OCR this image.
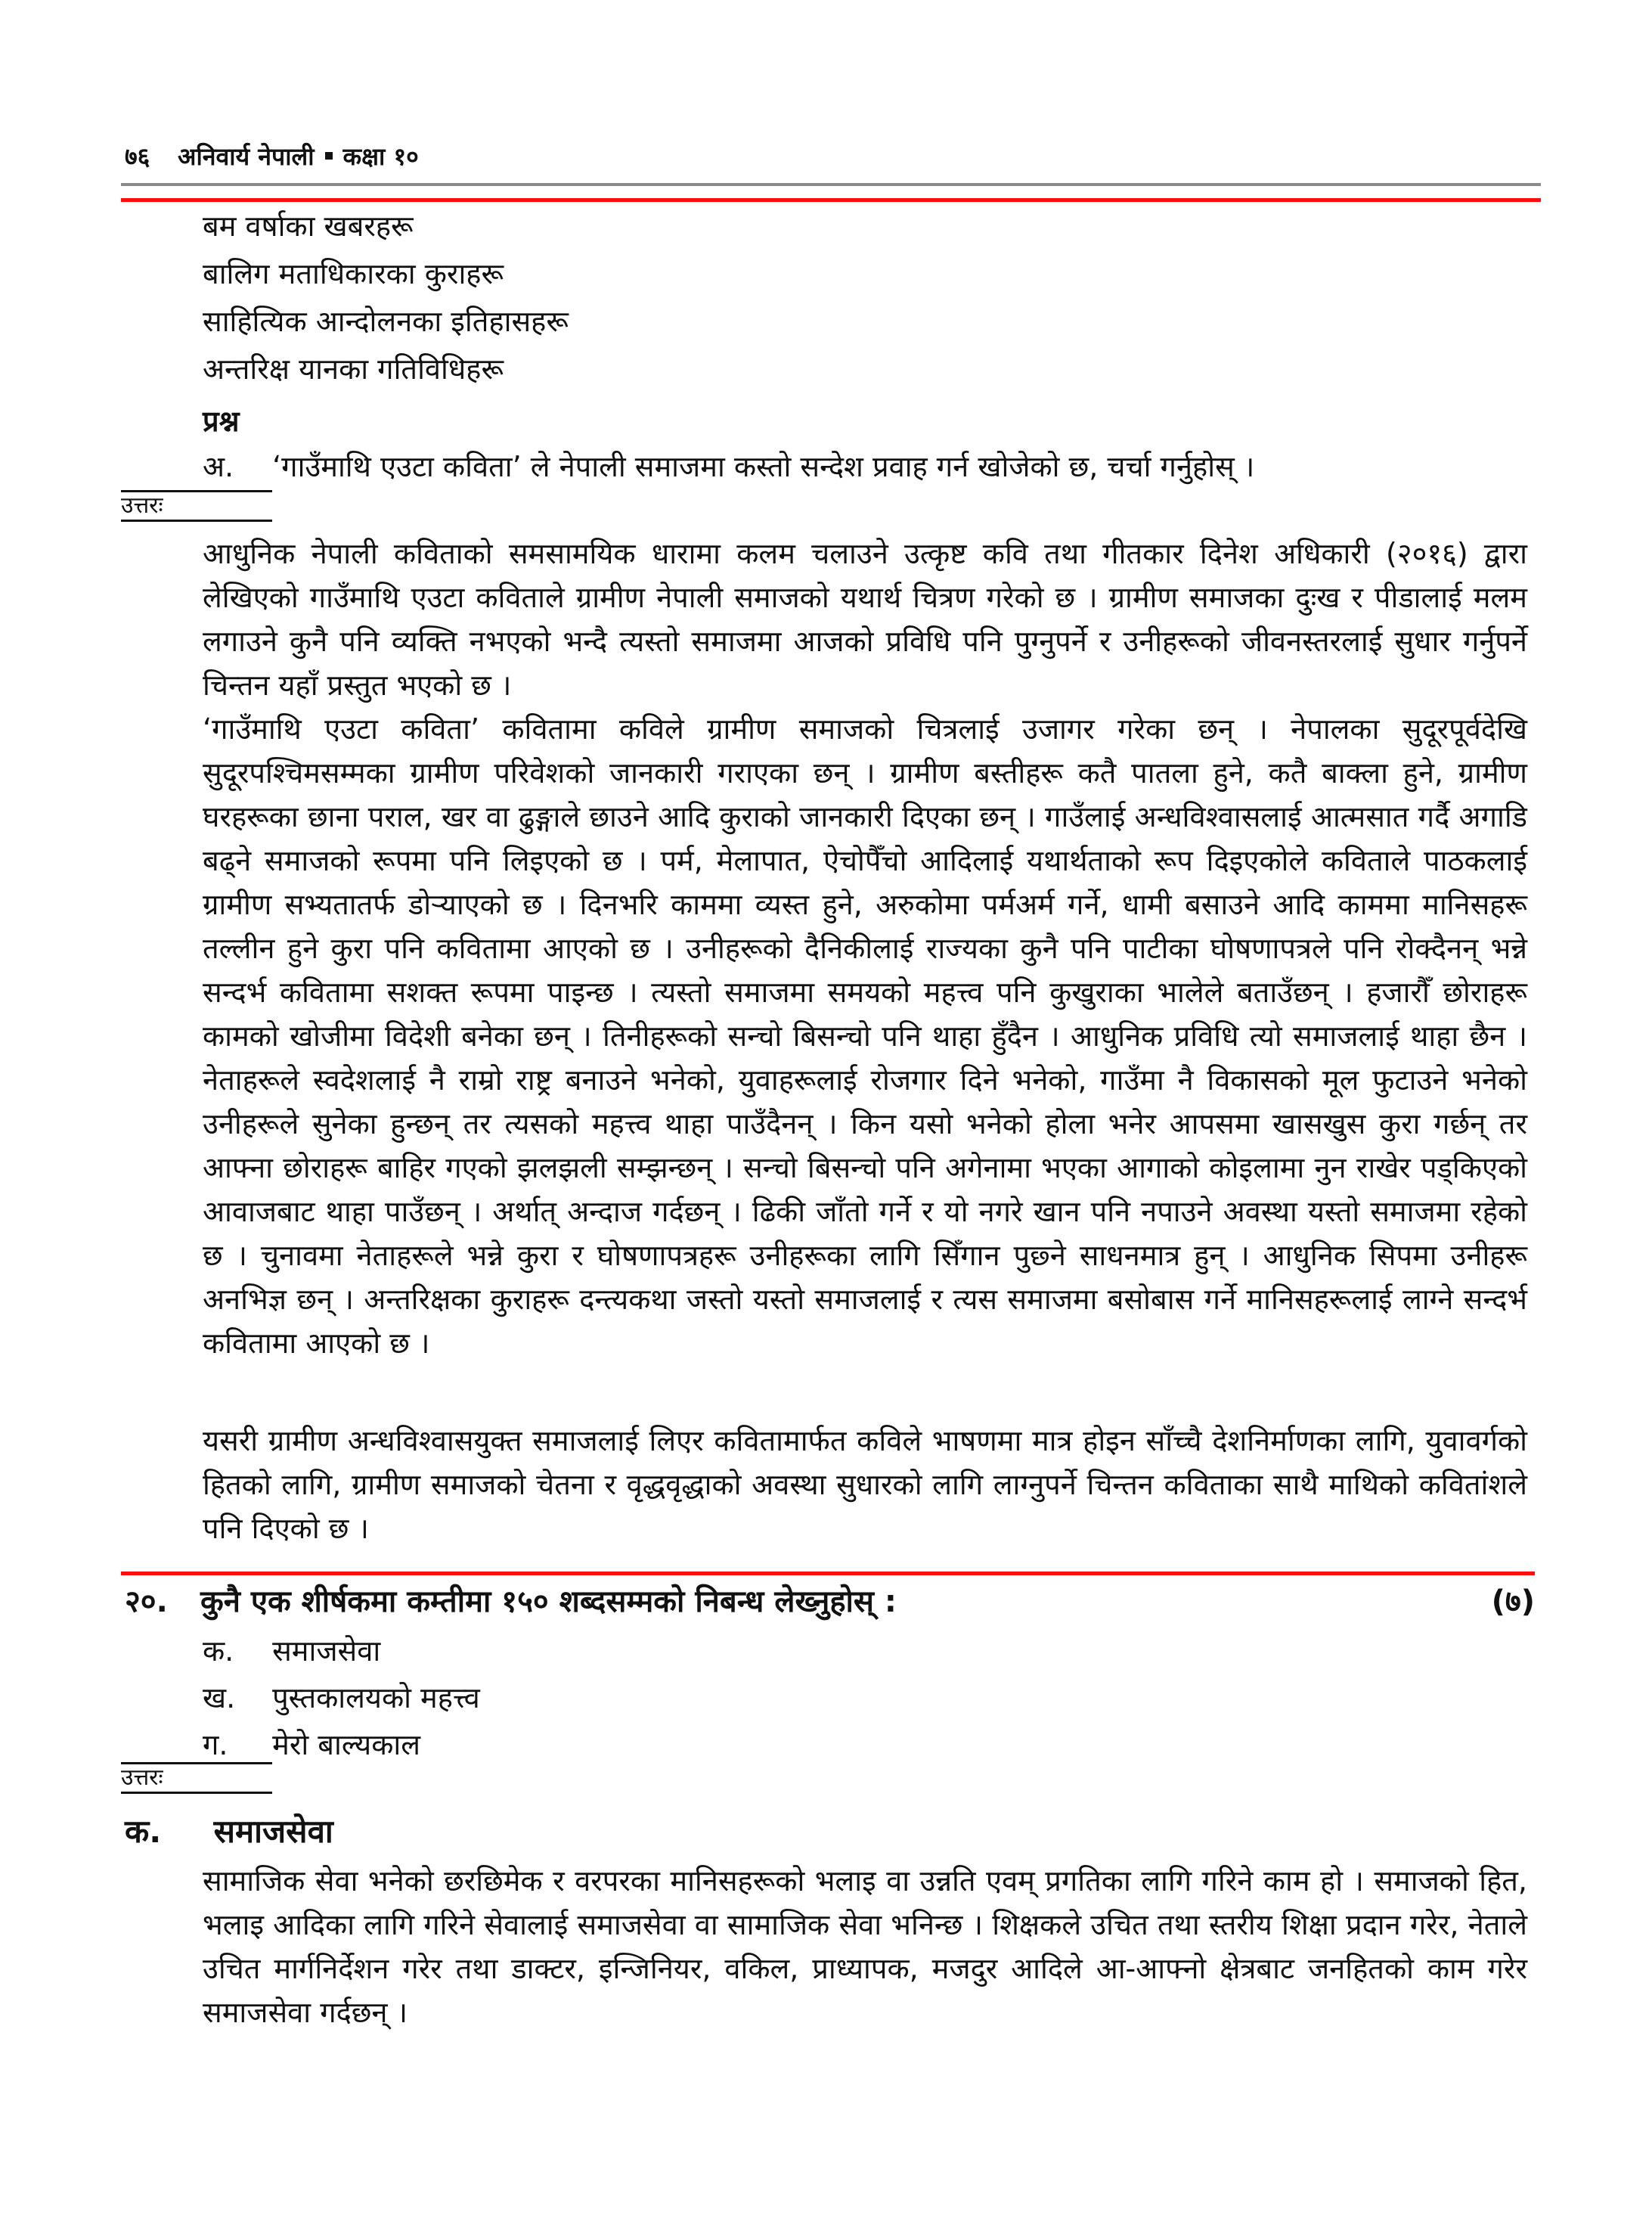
७६	अनिवार्य नेपाली कक्षा १०
बम वर्षाका खबरहरू
बालिग मताधिकारका कुराहरू
साहित्यिक आन्दोलनका इतिहासहरू
अन्तरिक्ष यानका गतिविधिहरू
प्रश्न
अ. ‘गाउँमाथि एउटा कविता’ ले नेपाली समाजमा कस्तो सन्देश प्रवाह गर्न खोजेको छ, चर्चा गर्नुहोस् ।
उत्तरः
आधुनिक नेपाली कविताको समसामयिक धारामा कलम चलाउने उत्कृष्ट कवि तथा गीतकार दिनेश अधिकारी (२०१६) द्वारा लेखिएको गाउँमाथि एउटा कविताले ग्रामीण नेपाली समाजको यथार्थ चित्रण गरेको छ । ग्रामीण समाजका दुःख र पीडालाई मलम लगाउने कुनै पनि व्यक्ति नभएको भन्दै त्यस्तो समाजमा आजको प्रविधि पनि पुग्नुपर्ने र उनीहरूको जीवनस्तरलाई सुधार गर्नुपर्ने चिन्तन यहाँ प्रस्तुत भएको छ ।
‘गाउँमाथि एउटा कविता’ कवितामा कविले ग्रामीण समाजको चित्रलाई उजागर गरेका छन् । नेपालका सुदूरपूर्वदेखि सुदूरपश्चिमसम्मका ग्रामीण परिवेशको जानकारी गराएका छन् । ग्रामीण बस्तीहरू कतै पातला हुने, कतै बाक्ला हुने, ग्रामीण घरहरूका छाना पराल, खर वा ढुङ्गाले छाउने आदि कुराको जानकारी दिएका छन् । गाउँलाई अन्धविश्वासलाई आत्मसात गर्दै अगाडि बढ्ने समाजको रूपमा पनि लिइएको छ । पर्म, मेलापात, ऐचोपैँचो आदिलाई यथार्थताको रूप दिइएकोले कविताले पाठकलाई ग्रामीण सभ्यतातर्फ डोऱ्याएको छ । दिनभरि काममा व्यस्त हुने, अरुकोमा पर्मअर्म गर्ने, धामी बसाउने आदि काममा मानिसहरू तल्लीन हुने कुरा पनि कवितामा आएको छ । उनीहरूको दैनिकीलाई राज्यका कुनै पनि पाटीका घोषणापत्रले पनि रोक्दैनन् भन्ने सन्दर्भ कवितामा सशक्त रूपमा पाइन्छ । त्यस्तो समाजमा समयको महत्त्व पनि कुखुराका भालेले बताउँछन् । हजारौँ छोराहरू कामको खोजीमा विदेशी बनेका छन् । तिनीहरूको सन्चो बिसन्चो पनि थाहा हुँदैन । आधुनिक प्रविधि त्यो समाजलाई थाहा छैन । नेताहरूले स्वदेशलाई नै राम्रो राष्ट्र बनाउने भनेको, युवाहरूलाई रोजगार दिने भनेको, गाउँमा नै विकासको मूल फुटाउने भनेको उनीहरूले सुनेका हुन्छन् तर त्यसको महत्त्व थाहा पाउँदैनन् । किन यसो भनेको होला भनेर आपसमा खासखुस कुरा गर्छन् तर आफ्ना छोराहरू बाहिर गएको झलझली सम्झन्छन् । सन्चो बिसन्चो पनि अगेनामा भएका आगाको कोइलामा नुन राखेर पड्किएको आवाजबाट थाहा पाउँछन् । अर्थात् अन्दाज गर्दछन् । ढिकी जाँतो गर्ने र यो नगरे खान पनि नपाउने अवस्था यस्तो समाजमा रहेको छ । चुनावमा नेताहरूले भन्ने कुरा र घोषणापत्रहरू उनीहरूका लागि सिँगान पुछ्ने साधनमात्र हुन् । आधुनिक सिपमा उनीहरू अनभिज्ञ छन् । अन्तरिक्षका कुराहरू दन्त्यकथा जस्तो यस्तो समाजलाई र त्यस समाजमा बसोबास गर्ने मानिसहरूलाई लाग्ने सन्दर्भ कवितामा आएको छ ।
यसरी ग्रामीण अन्धविश्वासयुक्त समाजलाई लिएर कवितामार्फत कविले भाषणमा मात्र होइन साँच्चै देशनिर्माणका लागि, युवावर्गको हितको लागि, ग्रामीण समाजको चेतना र वृद्धवृद्धाको अवस्था सुधारको लागि लाग्नुपर्ने चिन्तन कविताका साथै माथिको कवितांशले पनि दिएको छ ।
२०.	कुनै एक शीर्षकमा कम्तीमा १५० शब्दसम्मको निबन्ध लेख्नुहोस् :	(७)
क. समाजसेवा
ख. पुस्तकालयको महत्त्व
ग. मेरो बाल्यकाल
उत्तरः
क. समाजसेवा
सामाजिक सेवा भनेको छरछिमेक र वरपरका मानिसहरूको भलाइ वा उन्नति एवम् प्रगतिका लागि गरिने काम हो । समाजको हित, भलाइ आदिका लागि गरिने सेवालाई समाजसेवा वा सामाजिक सेवा भनिन्छ । शिक्षकले उचित तथा स्तरीय शिक्षा प्रदान गरेर, नेताले उचित मार्गनिर्देशन गरेर तथा डाक्टर, इन्जिनियर, वकिल, प्राध्यापक, मजदुर आदिले आ-आफ्नो क्षेत्रबाट जनहितको काम गरेर समाजसेवा गर्दछन् ।
